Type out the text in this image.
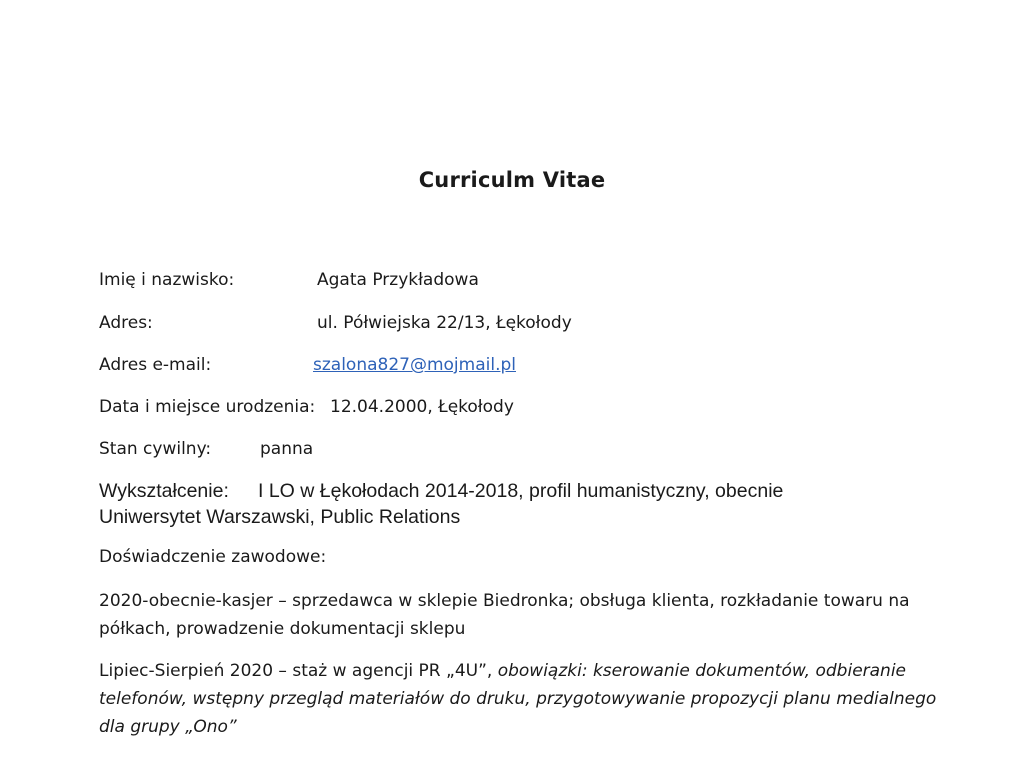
Curriculm Vitae
Imię i nazwisko:	Agata Przykładowa
Adres:	ul. Półwiejska 22/13, Łękołody
Adres e-mail:	szalona827@mojmail.pl
Data i miejsce urodzenia: 12.04.2000, Łękołody
Stan cywilny:	panna
Wykształcenie: I LO w Łękołodach 2014-2018, profil humanistyczny, obecnie
Uniwersytet Warszawski, Public Relations
Doświadczenie zawodowe:
2020-obecnie-kasjer – sprzedawca w sklepie Biedronka; obsługa klienta, rozkładanie towaru na półkach, prowadzenie dokumentacji sklepu
Lipiec-Sierpień 2020 – staż w agencji PR „4U”, obowiązki: kserowanie dokumentów, odbieranie telefonów, wstępny przegląd materiałów do druku, przygotowywanie propozycji planu medialnego dla grupy „Ono”
